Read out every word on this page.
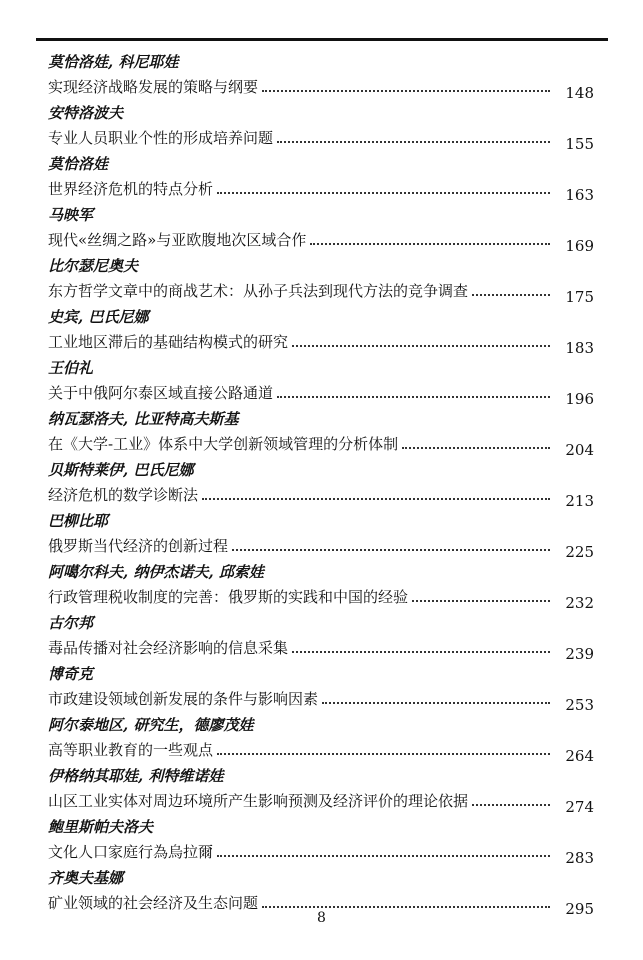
莫恰洛娃, 科尼耶娃
实现经济战略发展的策略与纲要	148
安特洛波夫
专业人员职业个性的形成培养问题	155
莫恰洛娃
世界经济危机的特点分析	163
马映军
现代«丝绸之路»与亚欧腹地次区域合作	169
比尔瑟尼奥夫
东方哲学文章中的商战艺术：从孙子兵法到现代方法的竞争调查	175
史宾, 巴氏尼娜
工业地区滞后的基础结构模式的研究	183
王伯礼
关于中俄阿尔泰区域直接公路通道	196
纳瓦瑟洛夫, 比亚特高夫斯基
在《大学-工业》体系中大学创新领域管理的分析体制	204
贝斯特莱伊, 巴氏尼娜
经济危机的数学诊断法	213
巴柳比耶
俄罗斯当代经济的创新过程	225
阿噶尔科夫, 纳伊杰诺夫, 邱索娃
行政管理税收制度的完善：俄罗斯的实践和中国的经验	232
古尔邦
毒品传播对社会经济影响的信息采集	239
博奇克
市政建设领域创新发展的条件与影响因素	253
阿尔泰地区, 研究生，德廖茂娃
高等职业教育的一些观点	264
伊格纳其耶娃, 利特维诺娃
山区工业实体对周边环境所产生影响预测及经济评价的理论依据	274
鲍里斯帕夫洛夫
文化人口家庭行為烏拉爾	283
齐奥夫基娜
矿业领域的社会经济及生态问题	295
8
